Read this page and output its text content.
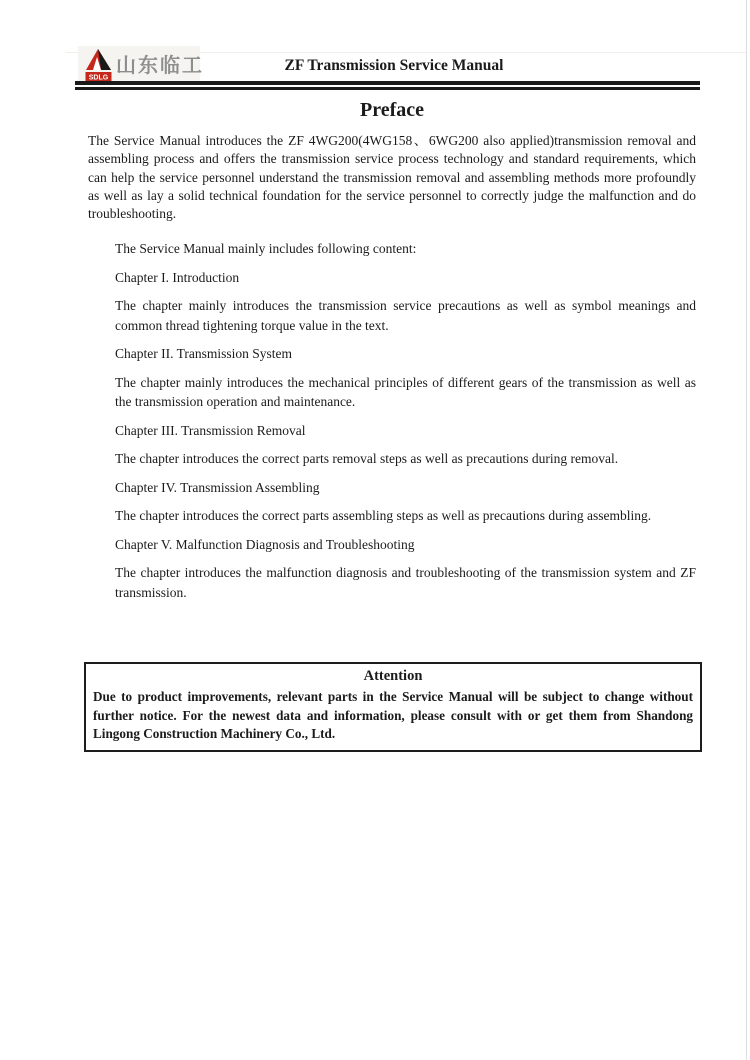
SDLG
山东临工	ZF Transmission Service Manual
Preface

The Service Manual introduces the ZF 4WG200(4WG158、6WG200 also applied)transmission removal and assembling process and offers the transmission service process technology and standard requirements, which can help the service personnel understand the transmission removal and assembling methods more profoundly as well as lay a solid technical foundation for the service personnel to correctly judge the malfunction and do troubleshooting.

The Service Manual mainly includes following content:

Chapter I. Introduction

The chapter mainly introduces the transmission service precautions as well as symbol meanings and common thread tightening torque value in the text.

Chapter II. Transmission System

The chapter mainly introduces the mechanical principles of different gears of the transmission as well as the transmission operation and maintenance.

Chapter III. Transmission Removal

The chapter introduces the correct parts removal steps as well as precautions during removal.

Chapter IV. Transmission Assembling

The chapter introduces the correct parts assembling steps as well as precautions during assembling.

Chapter V. Malfunction Diagnosis and Troubleshooting

The chapter introduces the malfunction diagnosis and troubleshooting of the transmission system and ZF transmission.

Attention

Due to product improvements, relevant parts in the Service Manual will be subject to change without further notice. For the newest data and information, please consult with or get them from Shandong Lingong Construction Machinery Co., Ltd.
